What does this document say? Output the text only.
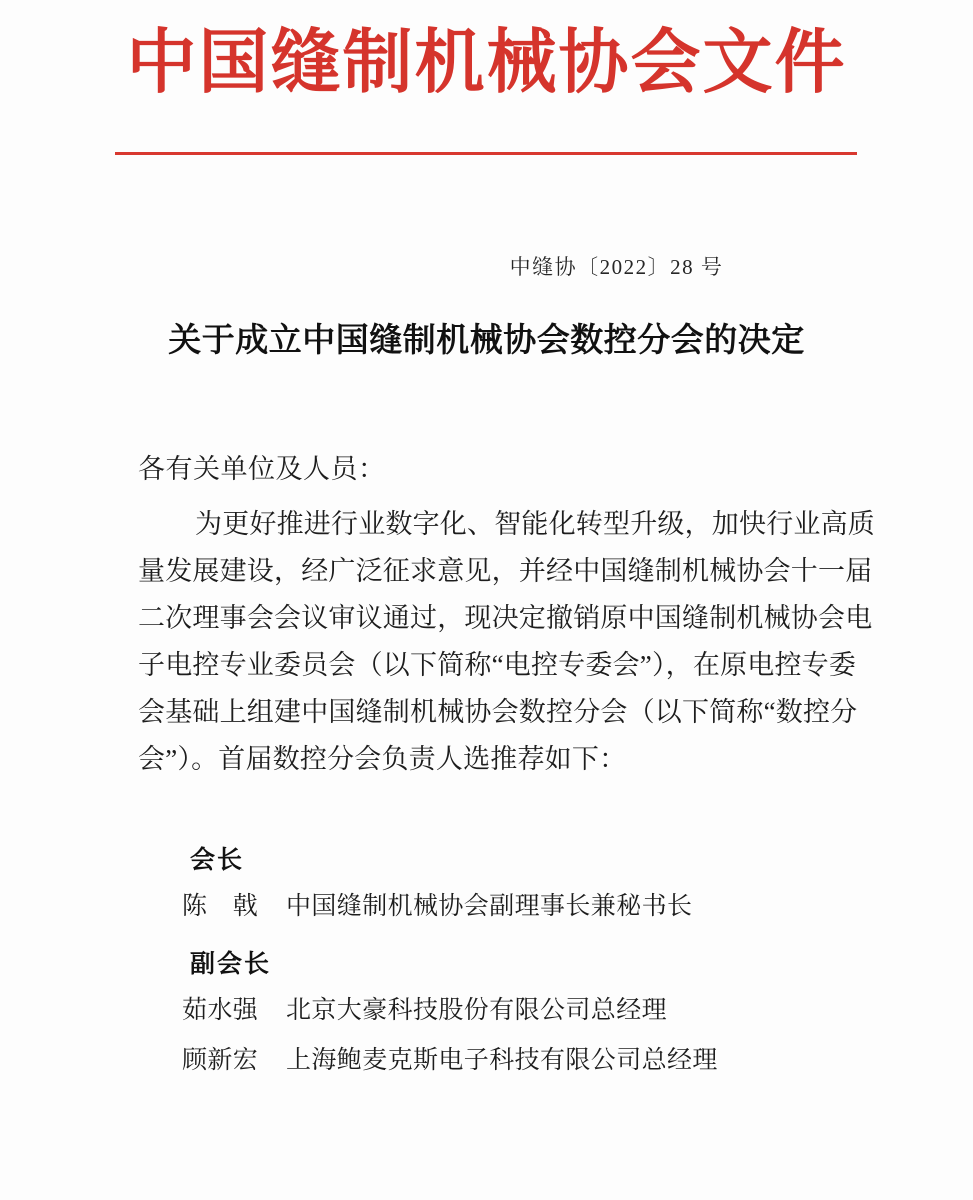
中国缝制机械协会文件
中缝协〔2022〕28 号
关于成立中国缝制机械协会数控分会的决定
各有关单位及人员：
为更好推进行业数字化、智能化转型升级，加快行业高质
量发展建设，经广泛征求意见，并经中国缝制机械协会十一届
二次理事会会议审议通过，现决定撤销原中国缝制机械协会电
子电控专业委员会（以下简称“电控专委会”），在原电控专委
会基础上组建中国缝制机械协会数控分会（以下简称“数控分
会”）。首届数控分会负责人选推荐如下：
会长
陈　戟 中国缝制机械协会副理事长兼秘书长
副会长
茹水强 北京大豪科技股份有限公司总经理
顾新宏 上海鲍麦克斯电子科技有限公司总经理
